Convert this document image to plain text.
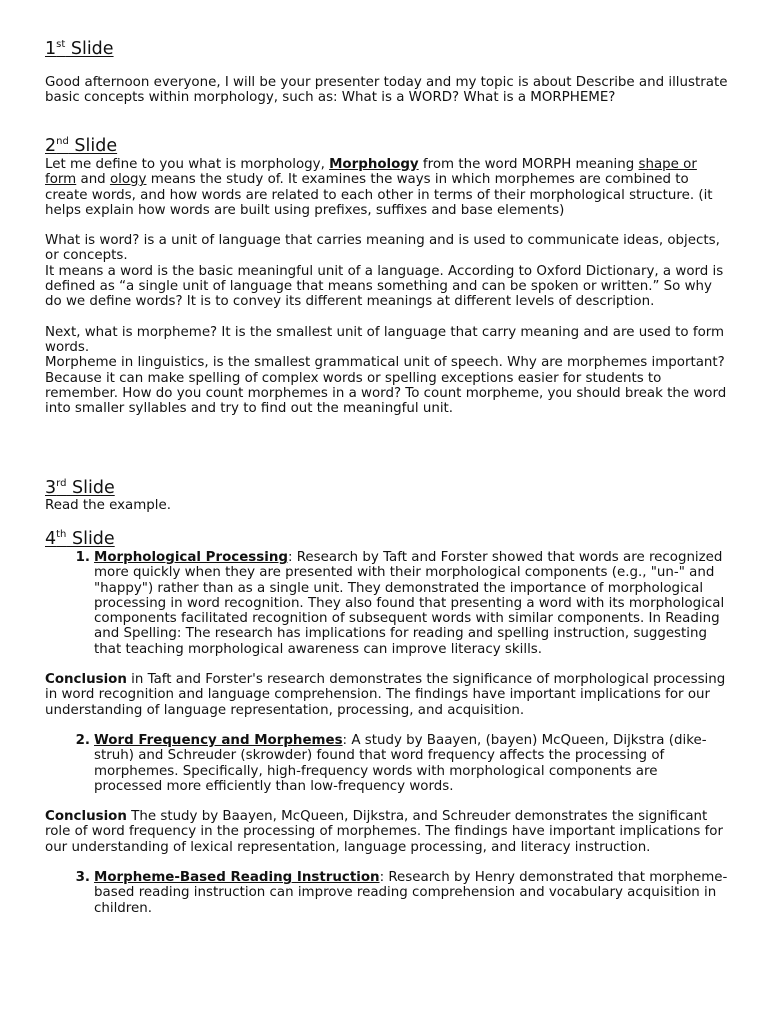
1st Slide

Good afternoon everyone, I will be your presenter today and my topic is about Describe and illustrate basic concepts within morphology, such as: What is a WORD? What is a MORPHEME?

2nd Slide

Let me define to you what is morphology, Morphology from the word MORPH meaning shape or form and ology means the study of. It examines the ways in which morphemes are combined to create words, and how words are related to each other in terms of their morphological structure. (it helps explain how words are built using prefixes, suffixes and base elements)

What is word? is a unit of language that carries meaning and is used to communicate ideas, objects, or concepts.

It means a word is the basic meaningful unit of a language. According to Oxford Dictionary, a word is defined as “a single unit of language that means something and can be spoken or written.” So why do we define words? It is to convey its different meanings at different levels of description.

Next, what is morpheme? It is the smallest unit of language that carry meaning and are used to form words.

Morpheme in linguistics, is the smallest grammatical unit of speech. Why are morphemes important? Because it can make spelling of complex words or spelling exceptions easier for students to remember. How do you count morphemes in a word? To count morpheme, you should break the word into smaller syllables and try to find out the meaningful unit.

3rd Slide

Read the example.

4th Slide
1. Morphological Processing: Research by Taft and Forster showed that words are recognized more quickly when they are presented with their morphological components (e.g., "un-" and "happy") rather than as a single unit. They demonstrated the importance of morphological processing in word recognition. They also found that presenting a word with its morphological components facilitated recognition of subsequent words with similar components. In Reading and Spelling: The research has implications for reading and spelling instruction, suggesting that teaching morphological awareness can improve literacy skills.

Conclusion in Taft and Forster's research demonstrates the significance of morphological processing in word recognition and language comprehension. The findings have important implications for our understanding of language representation, processing, and acquisition.

2. Word Frequency and Morphemes: A study by Baayen, (bayen) McQueen, Dijkstra (dike-struh) and Schreuder (skrowder) found that word frequency affects the processing of morphemes. Specifically, high-frequency words with morphological components are processed more efficiently than low-frequency words.

Conclusion The study by Baayen, McQueen, Dijkstra, and Schreuder demonstrates the significant role of word frequency in the processing of morphemes. The findings have important implications for our understanding of lexical representation, language processing, and literacy instruction.

3. Morpheme-Based Reading Instruction: Research by Henry demonstrated that morpheme-based reading instruction can improve reading comprehension and vocabulary acquisition in children.
